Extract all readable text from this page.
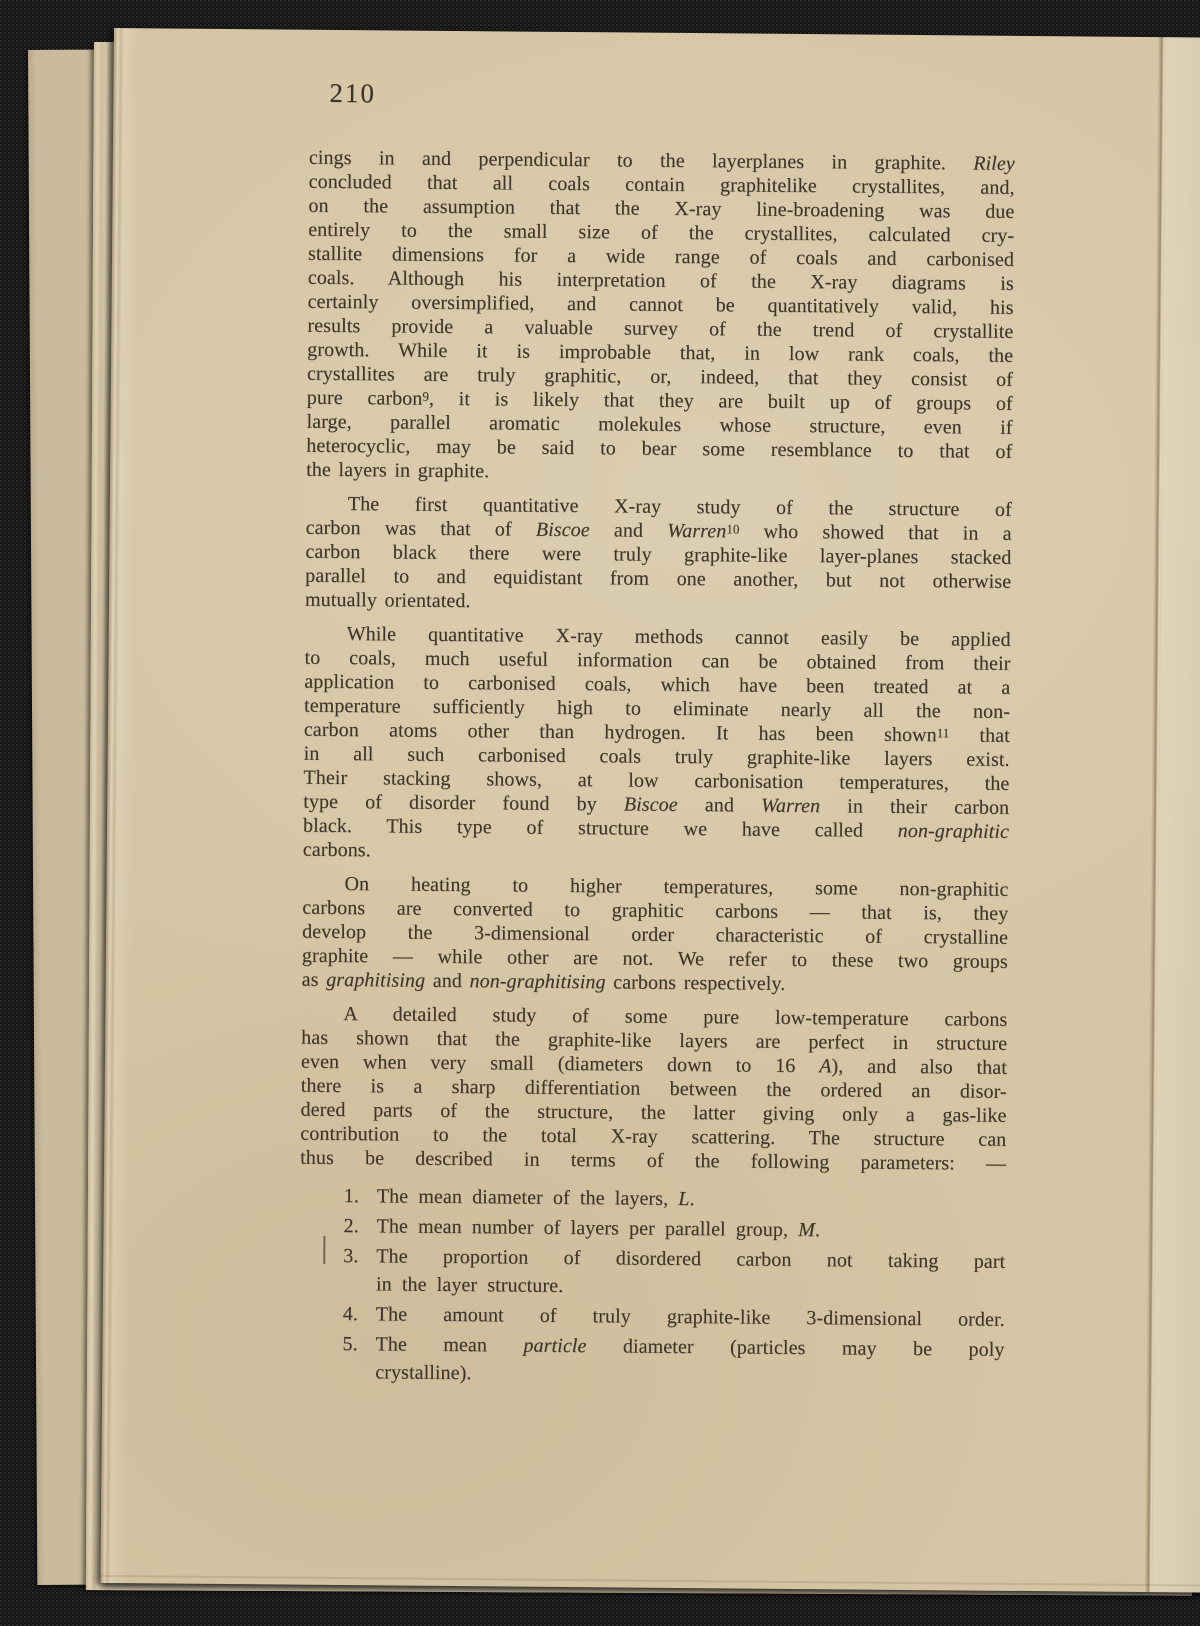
210
cings in and perpendicular to the layerplanes in graphite. Riley
concluded that all coals contain graphitelike crystallites, and,
on the assumption that the X-ray line-broadening was due
entirely to the small size of the crystallites, calculated cry-
stallite dimensions for a wide range of coals and carbonised
coals. Although his interpretation of the X-ray diagrams is
certainly oversimplified, and cannot be quantitatively valid, his
results provide a valuable survey of the trend of crystallite
growth. While it is improbable that, in low rank coals, the
crystallites are truly graphitic, or, indeed, that they consist of
pure carbon$^9$, it is likely that they are built up of groups of
large, parallel aromatic molekules whose structure, even if
heterocyclic, may be said to bear some resemblance to that of
the layers in graphite.
The first quantitative X-ray study of the structure of
carbon was that of Biscoe and Warren$^{10}$ who showed that in a
carbon black there were truly graphite-like layer-planes stacked
parallel to and equidistant from one another, but not otherwise
mutually orientated.
While quantitative X-ray methods cannot easily be applied
to coals, much useful information can be obtained from their
application to carbonised coals, which have been treated at a
temperature sufficiently high to eliminate nearly all the non-
carbon atoms other than hydrogen. It has been shown$^{11}$ that
in all such carbonised coals truly graphite-like layers exist.
Their stacking shows, at low carbonisation temperatures, the
type of disorder found by Biscoe and Warren in their carbon
black. This type of structure we have called non-graphitic
carbons.
On heating to higher temperatures, some non-graphitic
carbons are converted to graphitic carbons — that is, they
develop the 3-dimensional order characteristic of crystalline
graphite — while other are not. We refer to these two groups
as graphitising and non-graphitising carbons respectively.
A detailed study of some pure low-temperature carbons
has shown that the graphite-like layers are perfect in structure
even when very small (diameters down to 16 A), and also that
there is a sharp differentiation between the ordered an disor-
dered parts of the structure, the latter giving only a gas-like
contribution to the total X-ray scattering. The structure can
thus be described in terms of the following parameters: —
1. The mean diameter of the layers, L.
2. The mean number of layers per parallel group, M.
3. The proportion of disordered carbon not taking part
in the layer structure.
4. The amount of truly graphite-like 3-dimensional order.
5. The mean particle diameter (particles may be poly
crystalline).
